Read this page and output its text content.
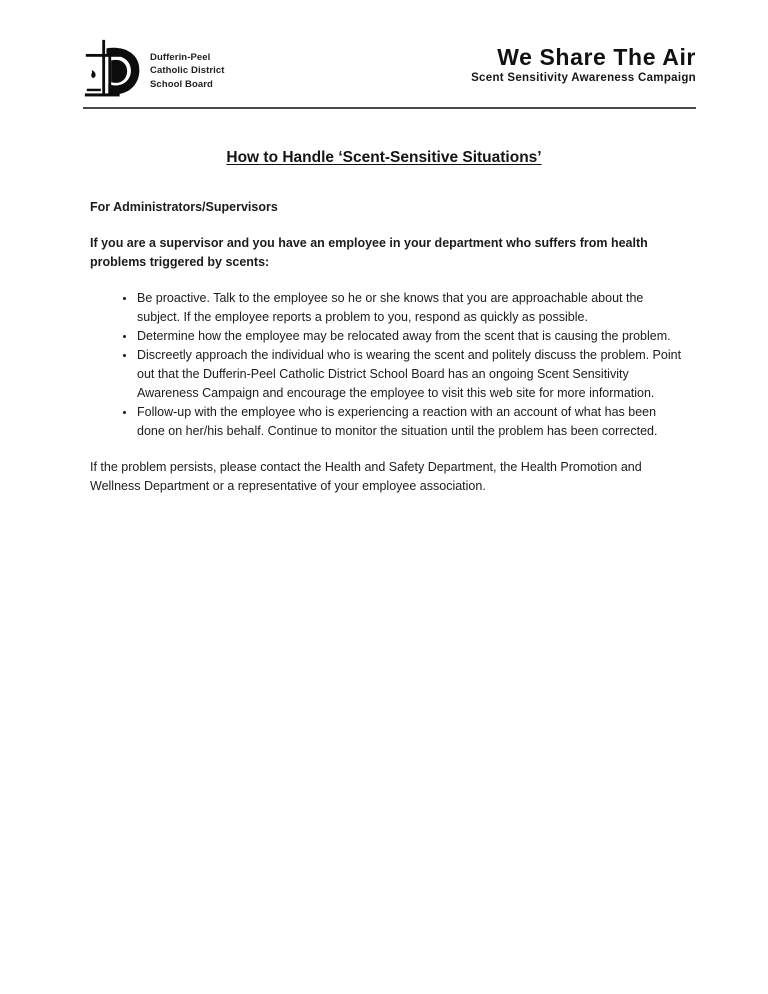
Dufferin-Peel
Catholic District
School Board
We Share The Air
Scent Sensitivity Awareness Campaign
How to Handle ‘Scent-Sensitive Situations’

For Administrators/Supervisors

If you are a supervisor and you have an employee in your department who suffers from health problems triggered by scents:

• Be proactive. Talk to the employee so he or she knows that you are approachable about the subject. If the employee reports a problem to you, respond as quickly as possible.
• Determine how the employee may be relocated away from the scent that is causing the problem.
• Discreetly approach the individual who is wearing the scent and politely discuss the problem. Point out that the Dufferin-Peel Catholic District School Board has an ongoing Scent Sensitivity Awareness Campaign and encourage the employee to visit this web site for more information.
• Follow-up with the employee who is experiencing a reaction with an account of what has been done on her/his behalf. Continue to monitor the situation until the problem has been corrected.

If the problem persists, please contact the Health and Safety Department, the Health Promotion and Wellness Department or a representative of your employee association.
